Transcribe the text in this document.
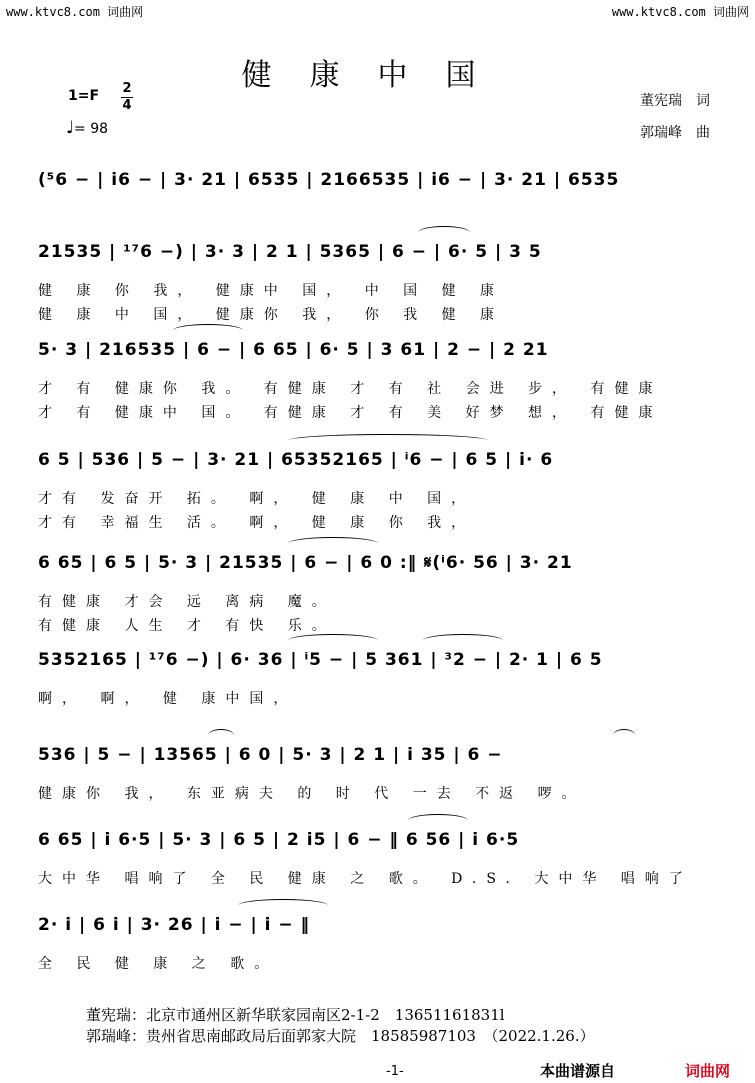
www.ktvc8.com 词曲网	www.ktvc8.com 词曲网
健康中国
1=F 2
4
♩= 98
董宪瑞　词
郭瑞峰　曲
(⁵6 − | i6 − | 3· 21 | 6535 | 2166535 | i6 − | 3· 21 | 6535
21535 | ¹⁷6 −) | 3· 3 | 2 1 | 5365 | 6 − | 6· 5 | 3 5
健 康 你 我， 健康中 国， 中 国 健 康
健 康 中 国， 健康你 我， 你 我 健 康
5· 3 | 216535 | 6 − | 6 65 | 6· 5 | 3 61 | 2 − | 2 21
才 有 健康你 我。 有健康 才 有 社 会进 步， 有健康
才 有 健康中 国。 有健康 才 有 美 好梦 想， 有健康
6 5 | 536 | 5 − | 3· 21 | 65352165 | ⁱ6 − | 6 5 | i· 6
才有 发奋开 拓。 啊， 健 康 中 国，
才有 幸福生 活。 啊， 健 康 你 我，
6 65 | 6 5 | 5· 3 | 21535 | 6 − | 6 0 :‖ 𝄋(ⁱ6· 56 | 3· 21
有健康 才会 远 离病 魔。
有健康 人生 才 有快 乐。
5352165 | ¹⁷6 −) | 6· 36 | ⁱ5 − | 5 361 | ³2 − | 2· 1 | 6 5
啊， 啊， 健 康中国，
536 | 5 − | 13565 | 6 0 | 5· 3 | 2 1 | i 35 | 6 −
健康你 我， 东亚病夫 的 时 代 一去 不返 啰。
6 65 | i 6·5 | 5· 3 | 6 5 | 2 i5 | 6 − ‖ 6 56 | i 6·5
大中华 唱响了 全 民 健康 之 歌。 D.S. 大中华 唱响了
2· i | 6 i | 3· 26 | i − | i − ‖
全 民 健 康 之 歌。
董宪瑞：北京市通州区新华联家园南区2-1-2　13651161831l
郭瑞峰：贵州省思南邮政局后面郭家大院　18585987103　（2022.1.26.）
-1-	本曲谱源自	词曲网
